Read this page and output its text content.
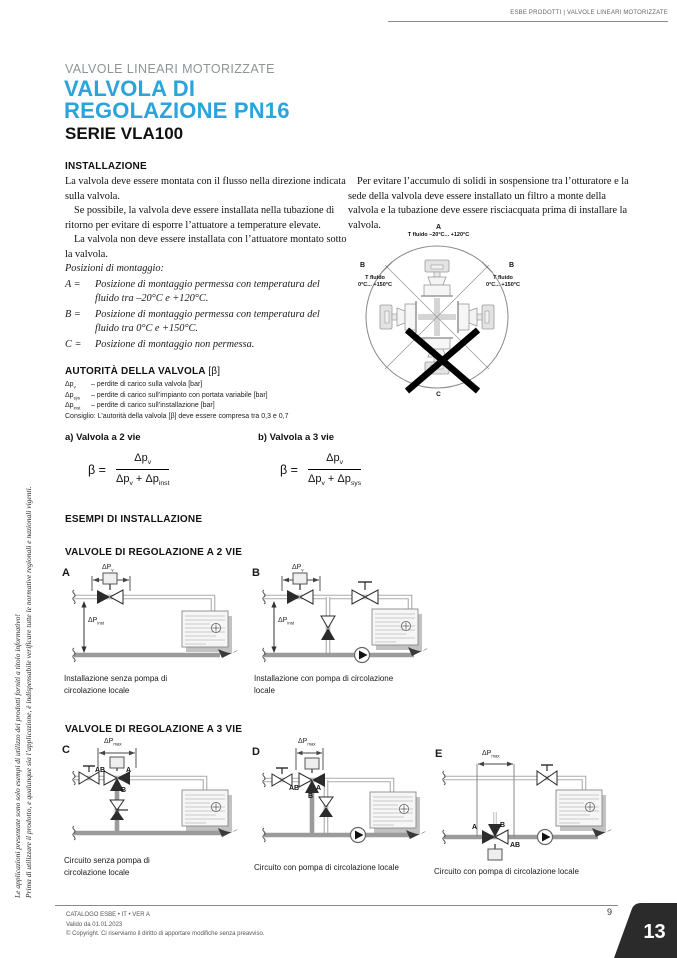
ESBE PRODOTTI | VALVOLE LINEARI MOTORIZZATE
VALVOLE LINEARI MOTORIZZATE
VALVOLA DI
REGOLAZIONE PN16
SERIE VLA100
INSTALLAZIONE

La valvola deve essere montata con il flusso nella direzione indicata sulla valvola.

Se possibile, la valvola deve essere installata nella tubazione di ritorno per evitare di esporre l’attuatore a temperature elevate.

La valvola non deve essere installata con l’attuatore montato sotto la valvola.

Per evitare l’accumulo di solidi in sospensione tra l’otturatore e la sede della valvola deve essere installato un filtro a monte della valvola e la tubazione deve essere risciacquata prima di installare la valvola.

Posizioni di montaggio:
A =	Posizione di montaggio permessa con temperatura del fluido tra –20°C e +120°C.
B =	Posizione di montaggio permessa con temperatura del fluido tra 0°C e +150°C.
C =	Posizione di montaggio non permessa.
A
T fluido –20°C... +120°C
B
T fluido
0°C... +150°C
B
T fluido
0°C... +150°C
C
AUTORITÀ DELLA VALVOLA [β]
$\Delta p_v$ – perdite di carico sulla valvola [bar]
$\Delta p_{sys}$ – perdite di carico sull’impianto con portata variabile [bar]
$\Delta p_{inst}$ – perdite di carico sull’installazione [bar]
Consiglio: L’autorità della valvola [β] deve essere compresa tra 0,3 e 0,7
a) Valvola a 2 vie	b) Valvola a 3 vie
$\beta = \frac{\Delta p_v}{\Delta p_v + \Delta p_{inst}}$	$\beta = \frac{\Delta p_v}{\Delta p_v + \Delta p_{sys}}$
ESEMPI DI INSTALLAZIONE
VALVOLE DI REGOLAZIONE A 2 VIE
A	$\Delta P_v$
$\Delta P_{inst}$
Installazione senza pompa di circolazione locale
B	$\Delta P_v$
$\Delta P_{inst}$
Installazione con pompa di circolazione locale
VALVOLE DI REGOLAZIONE A 3 VIE
C
$\Delta P_{max}$
AB	A
B
Circuito senza pompa di circolazione locale
D
$\Delta P_{max}$
AB A
B
Circuito con pompa di circolazione locale
E	$\Delta P_{max}$
A	B
AB
Circuito con pompa di circolazione locale
Le applicazioni presentate sono solo esempi di utilizzo dei prodotti forniti a titolo informativo! Prima di utilizzare il prodotto, e qualunque sia l’applicazione, è indispensabile verificare tutte le normative regionali e nazionali vigenti.
CATALOGO ESBE • IT • VER A
Valido da 01.01.2023
© Copyright. Ci riserviamo il diritto di apportare modifiche senza preavviso.
9
13
